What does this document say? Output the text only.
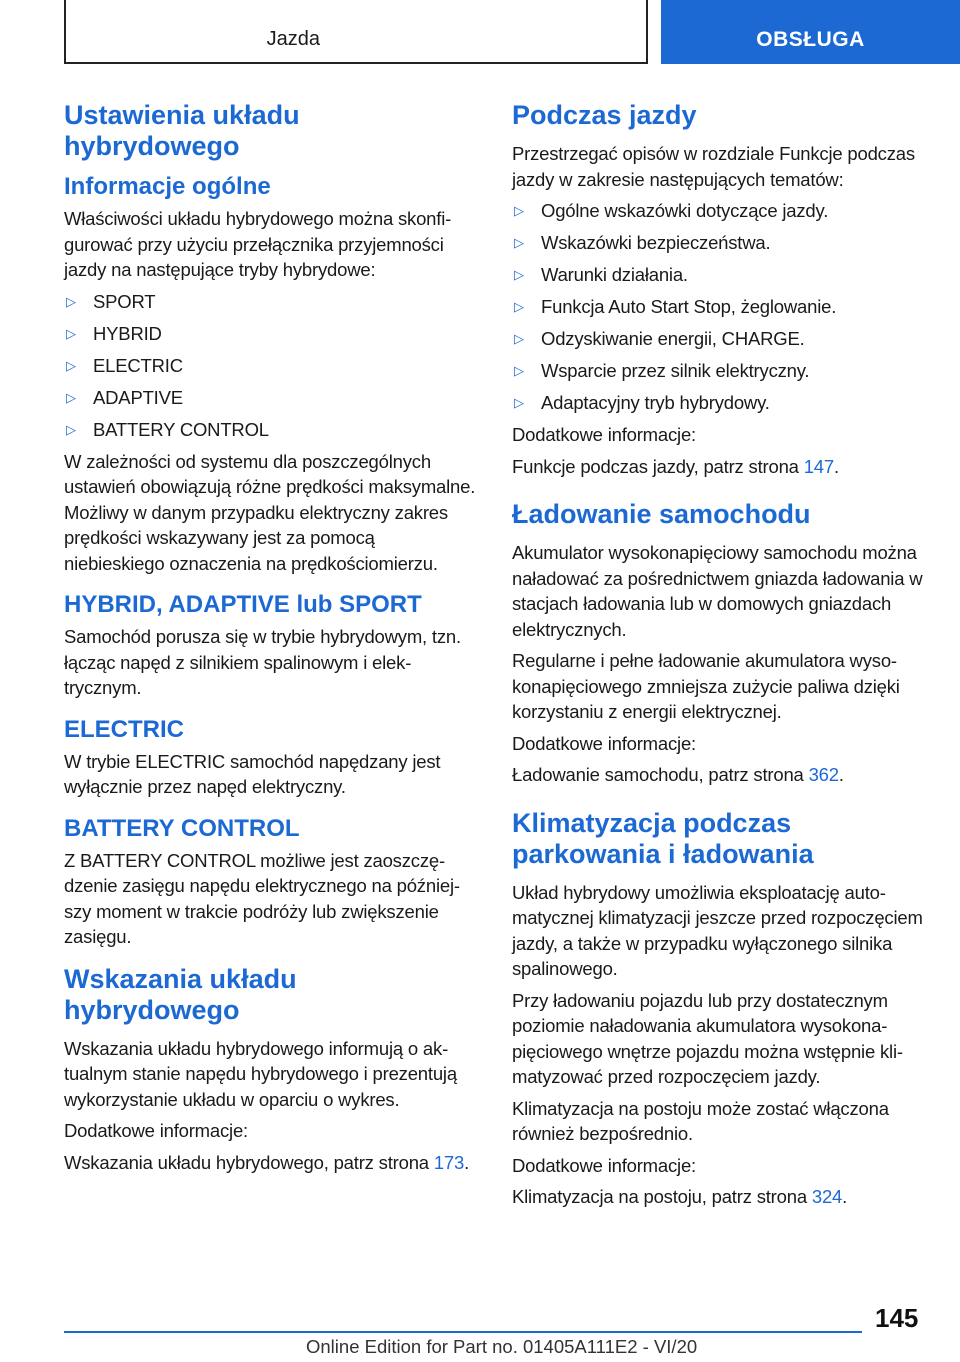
Jazda	OBSŁUGA
Ustawienia układu hybrydowego
Informacje ogólne

Właściwości układu hybrydowego można skonfigurować przy użyciu przełącznika przyjemności jazdy na następujące tryby hybrydowe:

▷ SPORT
▷ HYBRID
▷ ELECTRIC
▷ ADAPTIVE
▷ BATTERY CONTROL

W zależności od systemu dla poszczególnych ustawień obowiązują różne prędkości maksymalne. Możliwy w danym przypadku elektryczny zakres prędkości wskazywany jest za pomocą niebieskiego oznaczenia na prędkościomierzu.

HYBRID, ADAPTIVE lub SPORT

Samochód porusza się w trybie hybrydowym, tzn. łącząc napęd z silnikiem spalinowym i elektrycznym.

ELECTRIC

W trybie ELECTRIC samochód napędzany jest wyłącznie przez napęd elektryczny.

BATTERY CONTROL

Z BATTERY CONTROL możliwe jest zaoszczędzenie zasięgu napędu elektrycznego na późniejszy moment w trakcie podróży lub zwiększenie zasięgu.

Wskazania układu hybrydowego

Wskazania układu hybrydowego informują o aktualnym stanie napędu hybrydowego i prezentują wykorzystanie układu w oparciu o wykres.

Dodatkowe informacje:

Wskazania układu hybrydowego, patrz strona 173.

Podczas jazdy

Przestrzegać opisów w rozdziale Funkcje podczas jazdy w zakresie następujących tematów:

▷ Ogólne wskazówki dotyczące jazdy.
▷ Wskazówki bezpieczeństwa.
▷ Warunki działania.
▷ Funkcja Auto Start Stop, żeglowanie.
▷ Odzyskiwanie energii, CHARGE.
▷ Wsparcie przez silnik elektryczny.
▷ Adaptacyjny tryb hybrydowy.

Dodatkowe informacje:

Funkcje podczas jazdy, patrz strona 147.

Ładowanie samochodu

Akumulator wysokonapięciowy samochodu można naładować za pośrednictwem gniazda ładowania w stacjach ładowania lub w domowych gniazdach elektrycznych.

Regularne i pełne ładowanie akumulatora wysokonapięciowego zmniejsza zużycie paliwa dzięki korzystaniu z energii elektrycznej.

Dodatkowe informacje:

Ładowanie samochodu, patrz strona 362.

Klimatyzacja podczas parkowania i ładowania

Układ hybrydowy umożliwia eksploatację automatycznej klimatyzacji jeszcze przed rozpoczęciem jazdy, a także w przypadku wyłączonego silnika spalinowego.

Przy ładowaniu pojazdu lub przy dostatecznym poziomie naładowania akumulatora wysokonapięciowego wnętrze pojazdu można wstępnie klimatyzować przed rozpoczęciem jazdy.

Klimatyzacja na postoju może zostać włączona również bezpośrednio.

Dodatkowe informacje:

Klimatyzacja na postoju, patrz strona 324.

145
Online Edition for Part no. 01405A111E2 - VI/20
